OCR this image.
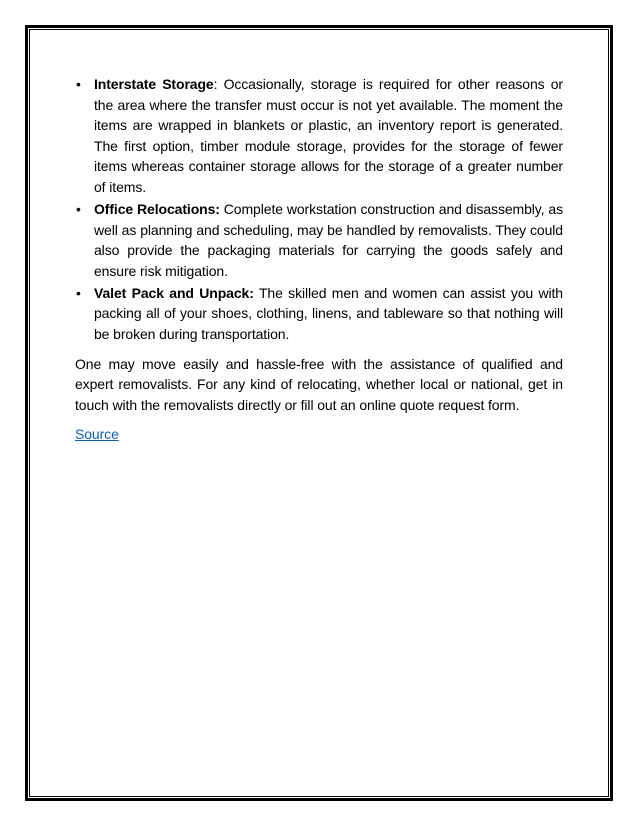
• Interstate Storage: Occasionally, storage is required for other reasons or the area where the transfer must occur is not yet available. The moment the items are wrapped in blankets or plastic, an inventory report is generated. The first option, timber module storage, provides for the storage of fewer items whereas container storage allows for the storage of a greater number of items.
• Office Relocations: Complete workstation construction and disassembly, as well as planning and scheduling, may be handled by removalists. They could also provide the packaging materials for carrying the goods safely and ensure risk mitigation.
• Valet Pack and Unpack: The skilled men and women can assist you with packing all of your shoes, clothing, linens, and tableware so that nothing will be broken during transportation.

One may move easily and hassle-free with the assistance of qualified and expert removalists. For any kind of relocating, whether local or national, get in touch with the removalists directly or fill out an online quote request form.

Source
